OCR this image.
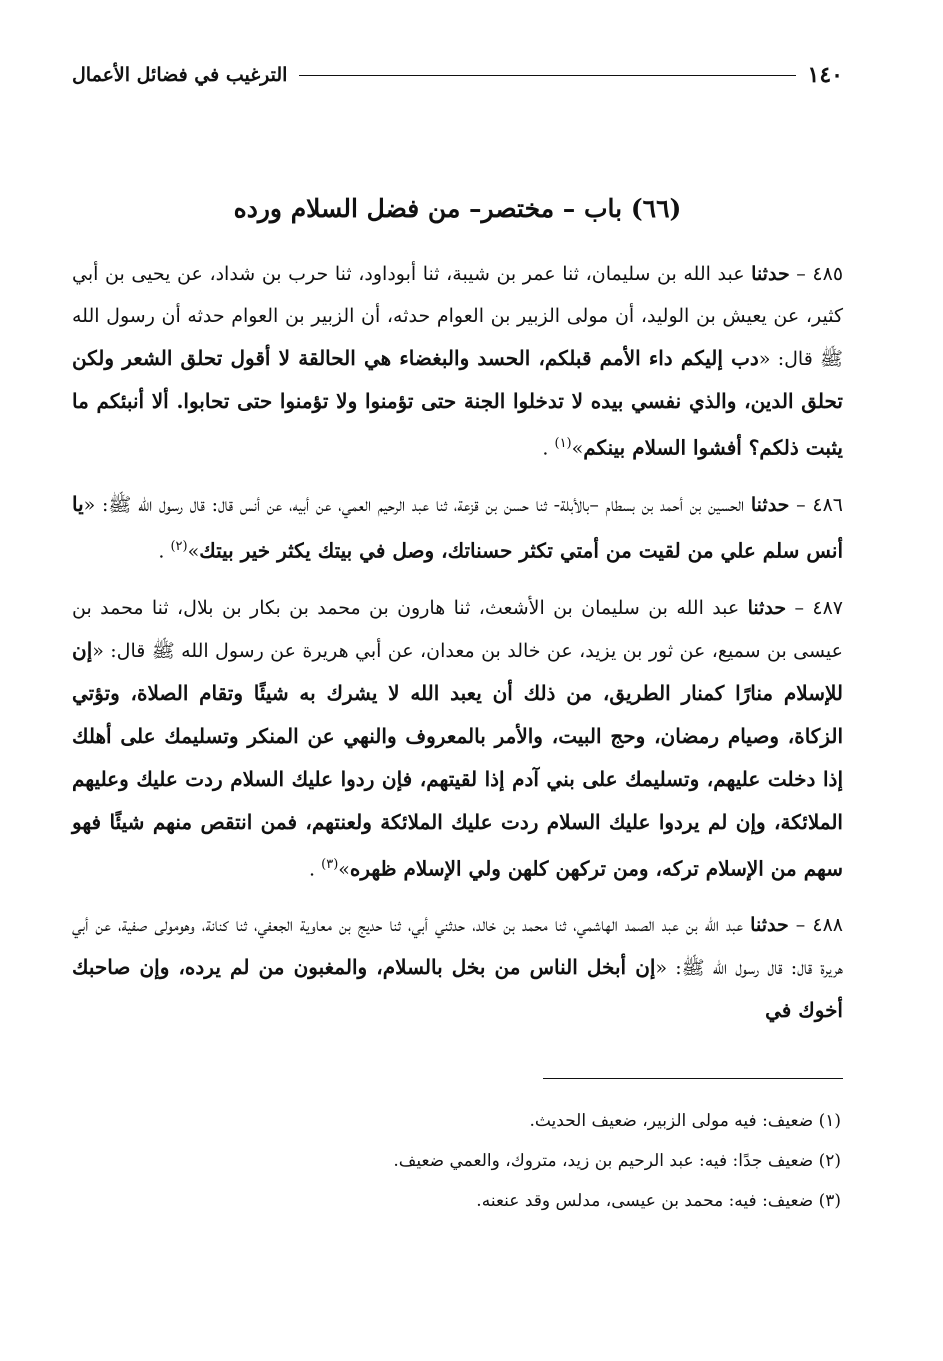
١٤٠
الترغيب في فضائل الأعمال
(٦٦) باب – مختصر– من فضل السلام ورده

٤٨٥ – حدثنا عبد الله بن سليمان، ثنا عمر بن شيبة، ثنا أبوداود، ثنا حرب بن شداد، عن يحيى بن أبي كثير، عن يعيش بن الوليد، أن مولى الزبير بن العوام حدثه، أن الزبير بن العوام حدثه أن رسول الله ﷺ قال: «دب إليكم داء الأمم قبلكم، الحسد والبغضاء هي الحالقة لا أقول تحلق الشعر ولكن تحلق الدين، والذي نفسي بيده لا تدخلوا الجنة حتى تؤمنوا ولا تؤمنوا حتى تحابوا. ألا أنبئكم ما يثبت ذلكم؟ أفشوا السلام بينكم»$^{(١)}$ .

٤٨٦ – حدثنا الحسين بن أحمد بن بسطام –بالأبلة- ثنا حسن بن قزعة، ثنا عبد الرحيم العمي، عن أبيه، عن أنس قال: قال رسول الله ﷺ: «يا أنس سلم علي من لقيت من أمتي تكثر حسناتك، وصل في بيتك يكثر خير بيتك»$^{(٢)}$ .

٤٨٧ – حدثنا عبد الله بن سليمان بن الأشعث، ثنا هارون بن محمد بن بكار بن بلال، ثنا محمد بن عيسى بن سميع، عن ثور بن يزيد، عن خالد بن معدان، عن أبي هريرة عن رسول الله ﷺ قال: «إن للإسلام منارًا كمنار الطريق، من ذلك أن يعبد الله لا يشرك به شيئًا وتقام الصلاة، وتؤتي الزكاة، وصيام رمضان، وحج البيت، والأمر بالمعروف والنهي عن المنكر وتسليمك على أهلك إذا دخلت عليهم، وتسليمك على بني آدم إذا لقيتهم، فإن ردوا عليك السلام ردت عليك وعليهم الملائكة، وإن لم يردوا عليك السلام ردت عليك الملائكة ولعنتهم، فمن انتقص منهم شيئًا فهو سهم من الإسلام تركه، ومن تركهن كلهن ولي الإسلام ظهره»$^{(٣)}$ .

٤٨٨ – حدثنا عبد الله بن عبد الصمد الهاشمي، ثنا محمد بن خالد، حدثني أبي، ثنا حديج بن معاوية الجعفي، ثنا كنانة، وهومولى صفية، عن أبي هريرة قال: قال رسول الله ﷺ: «إن أبخل الناس من بخل بالسلام، والمغبون من لم يرده، وإن صاحبك أخوك في

(١) ضعيف: فيه مولى الزبير، ضعيف الحديث.

(٢) ضعيف جدًا: فيه: عبد الرحيم بن زيد، متروك، والعمي ضعيف.

(٣) ضعيف: فيه: محمد بن عيسى، مدلس وقد عنعنه.
